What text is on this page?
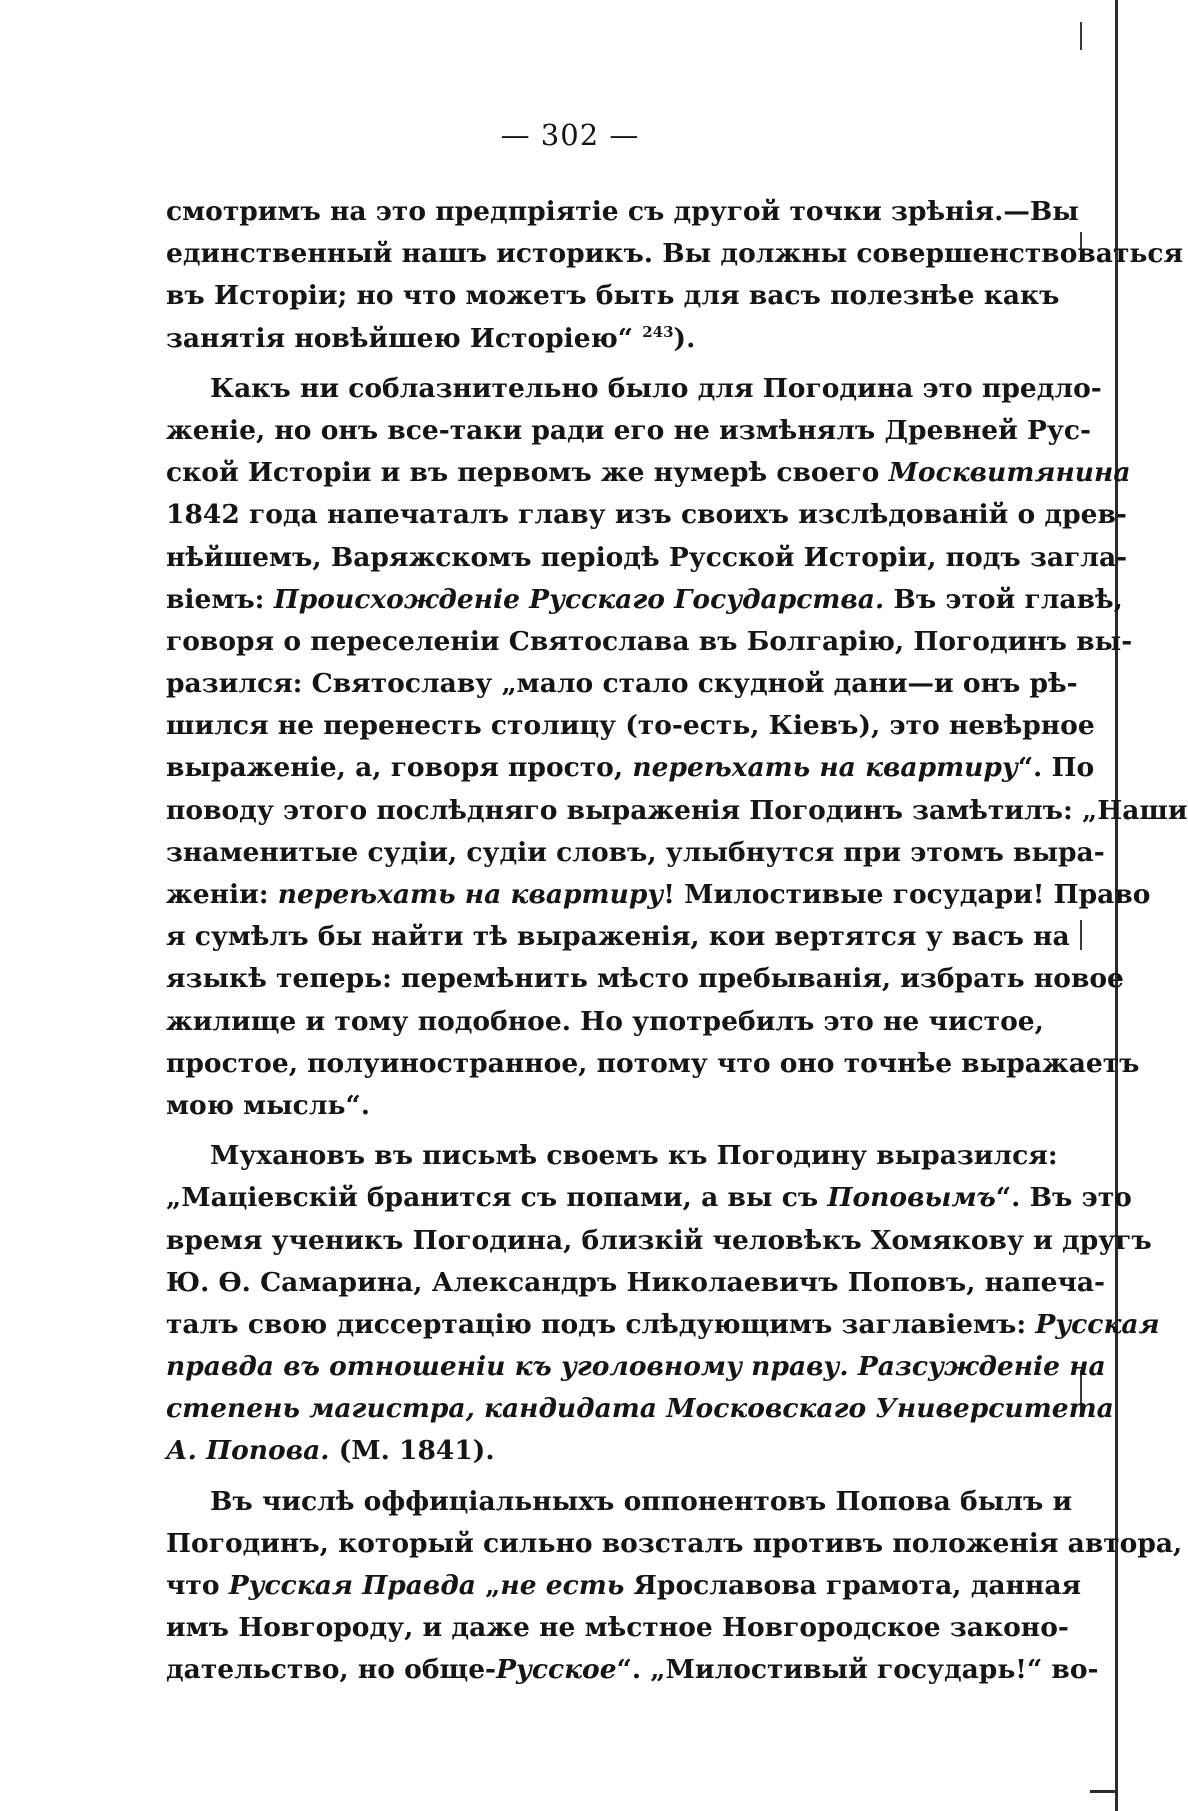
— 302 —
смотримъ на это предпріятіе съ другой точки зрѣнія.—Вы
единственный нашъ историкъ. Вы должны совершенствоваться
въ Исторіи; но что можетъ быть для васъ полезнѣе какъ
занятія новѣйшею Исторіею“ $^{243}$).
Какъ ни соблазнительно было для Погодина это предло-
женіе, но онъ все-таки ради его не измѣнялъ Древней Рус-
ской Исторіи и въ первомъ же нумерѣ своего Москвитянина
1842 года напечаталъ главу изъ своихъ изслѣдованій о древ-
нѣйшемъ, Варяжскомъ періодѣ Русской Исторіи, подъ загла-
віемъ: Происхожденіе Русскаго Государства. Въ этой главѣ,
говоря о переселеніи Святослава въ Болгарію, Погодинъ вы-
разился: Святославу „мало стало скудной дани—и онъ рѣ-
шился не перенесть столицу (то-есть, Кіевъ), это невѣрное
выраженіе, а, говоря просто, переѣхать на квартиру“. По
поводу этого послѣдняго выраженія Погодинъ замѣтилъ: „Наши
знаменитые судіи, судіи словъ, улыбнутся при этомъ выра-
женіи: переѣхать на квартиру! Милостивые государи! Право
я сумѣлъ бы найти тѣ выраженія, кои вертятся у васъ на
языкѣ теперь: перемѣнить мѣсто пребыванія, избрать новое
жилище и тому подобное. Но употребилъ это не чистое,
простое, полуиностранное, потому что оно точнѣе выражаетъ
мою мысль“.
Мухановъ въ письмѣ своемъ къ Погодину выразился:
„Маціевскій бранится съ попами, а вы съ Поповымъ“. Въ это
время ученикъ Погодина, близкій человѣкъ Хомякову и другъ
Ю. Ѳ. Самарина, Александръ Николаевичъ Поповъ, напеча-
талъ свою диссертацію подъ слѣдующимъ заглавіемъ: Русская
правда въ отношеніи къ уголовному праву. Разсужденіе на
степень магистра, кандидата Московскаго Университета
А. Попова. (М. 1841).
Въ числѣ оффиціальныхъ оппонентовъ Попова былъ и
Погодинъ, который сильно возсталъ противъ положенія автора,
что Русская Правда „не есть Ярославова грамота, данная
имъ Новгороду, и даже не мѣстное Новгородское законо-
дательство, но обще-Русское“. „Милостивый государь!“ во-
